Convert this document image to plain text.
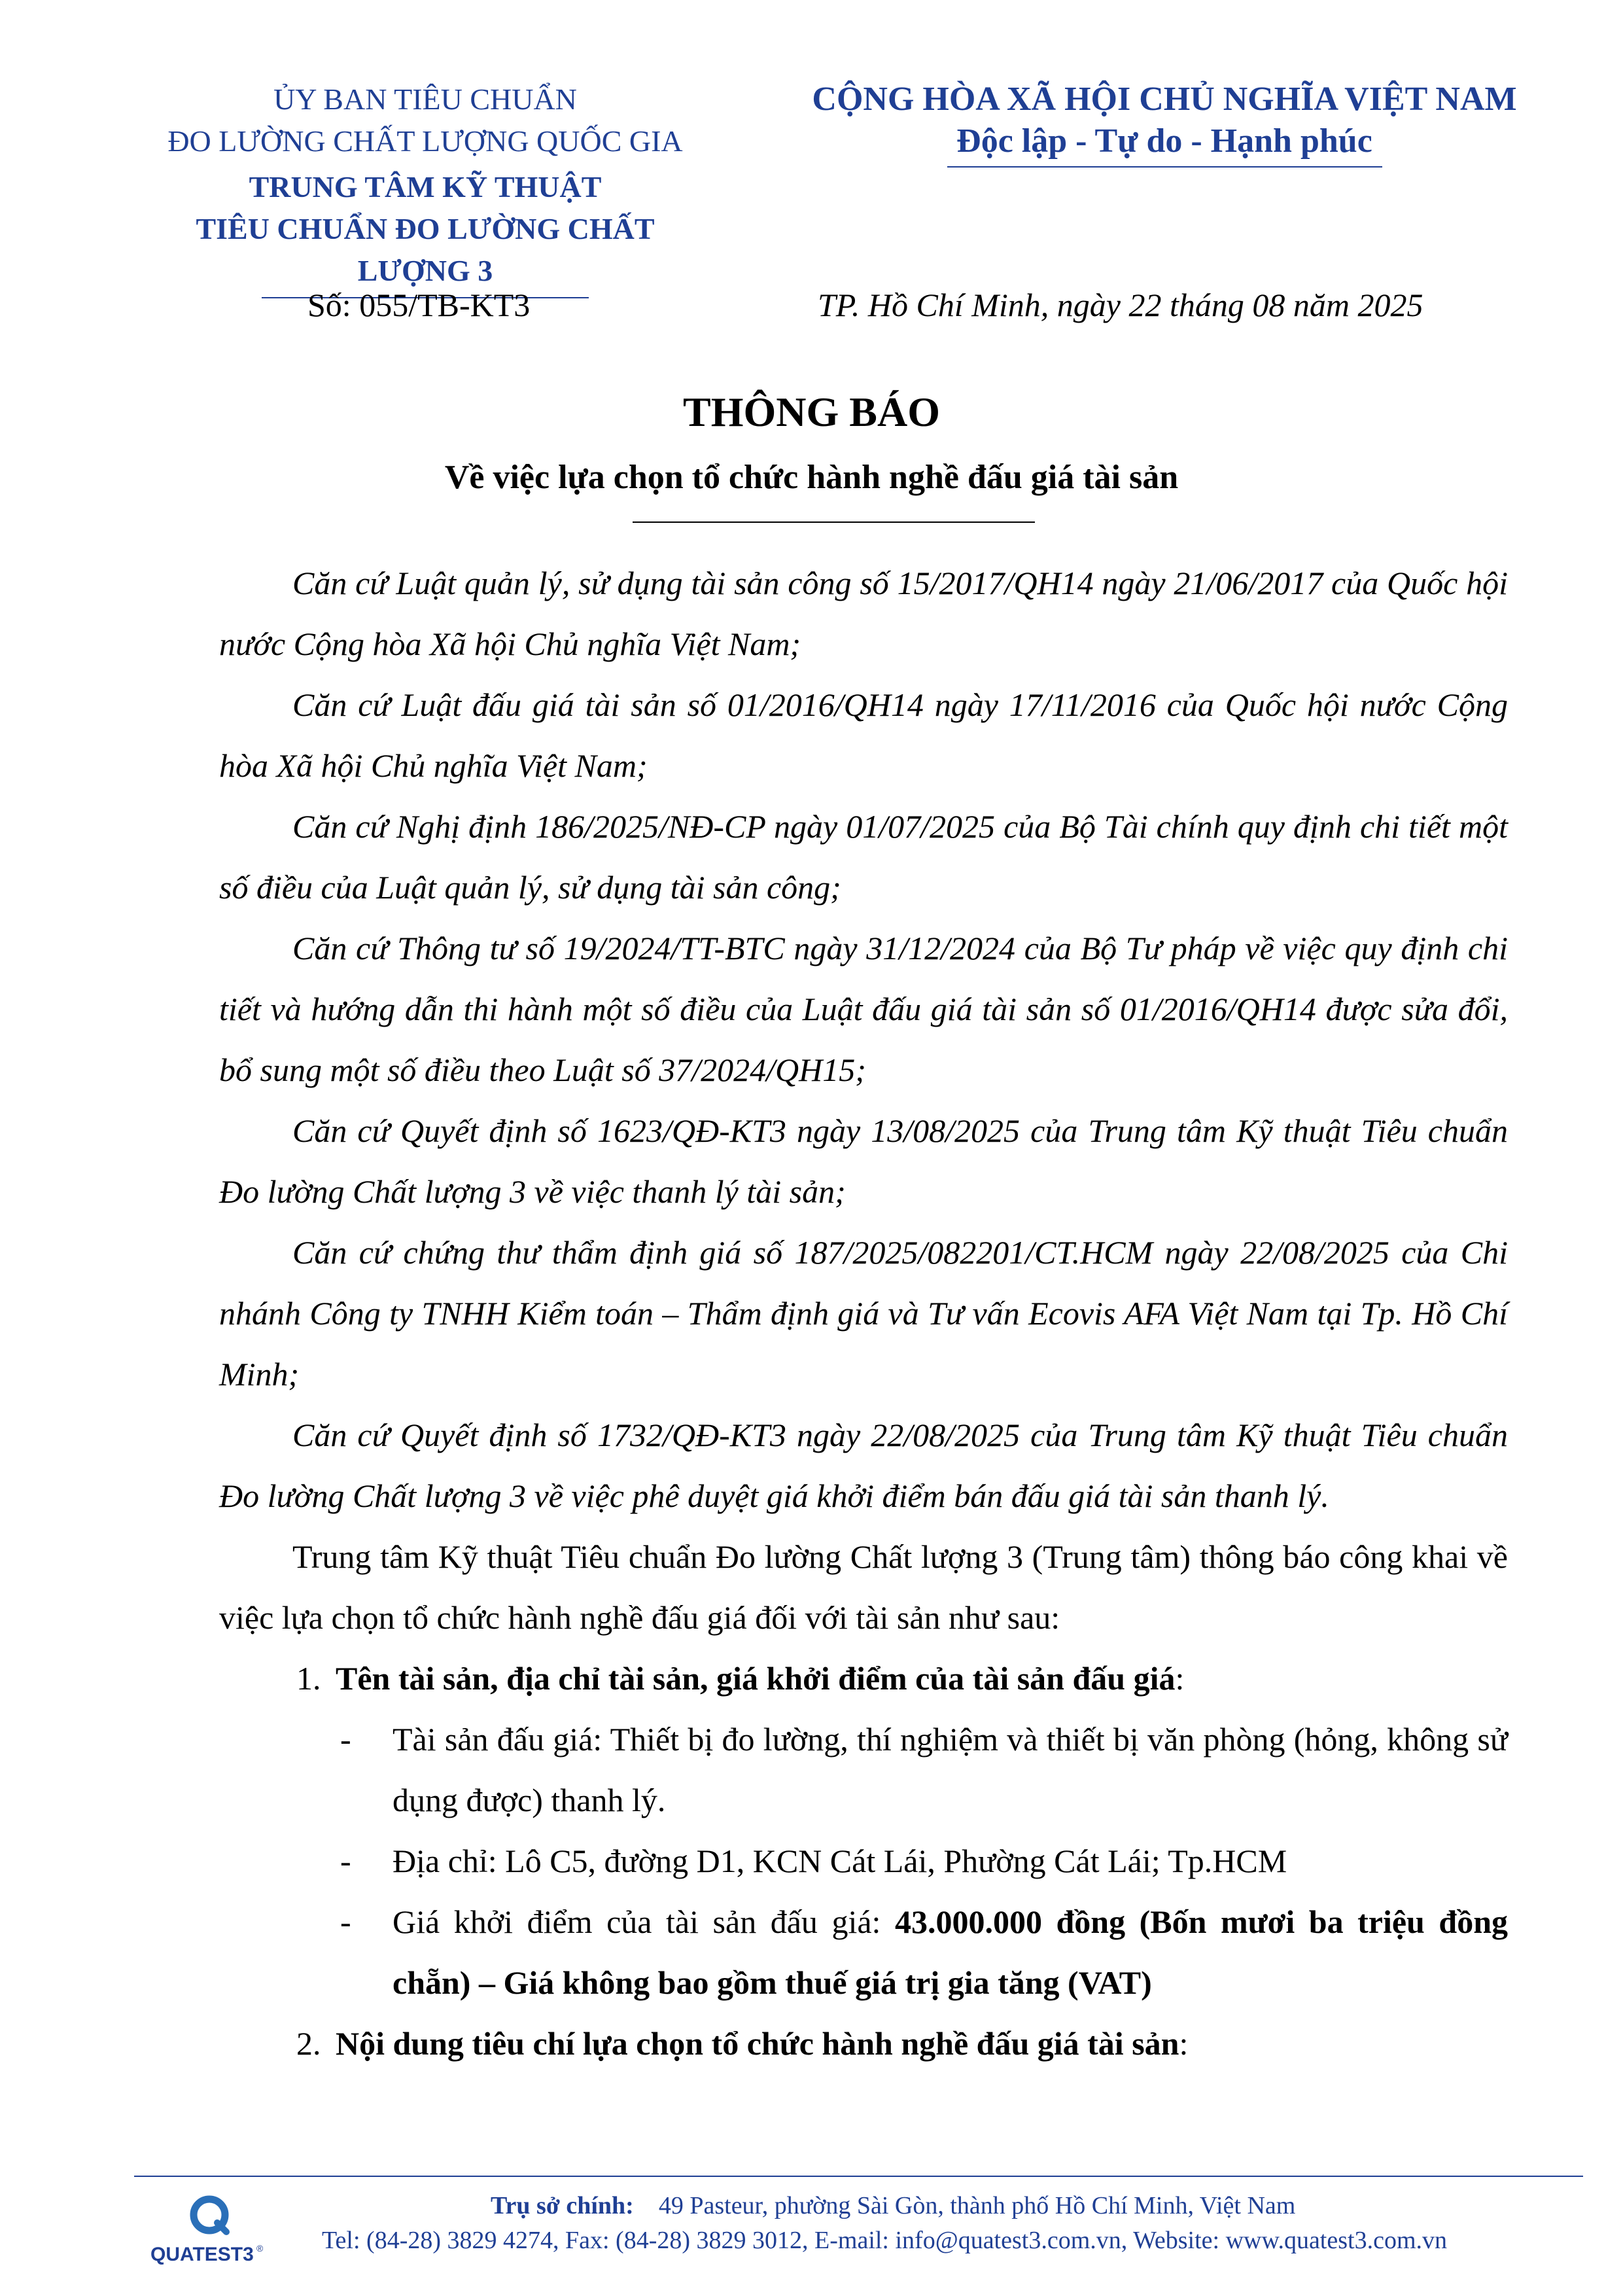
ỦY BAN TIÊU CHUẨN
ĐO LƯỜNG CHẤT LƯỢNG QUỐC GIA
TRUNG TÂM KỸ THUẬT
TIÊU CHUẨN ĐO LƯỜNG CHẤT LƯỢNG 3
CỘNG HÒA XÃ HỘI CHỦ NGHĨA VIỆT NAM
Độc lập - Tự do - Hạnh phúc
Số: 055/TB-KT3	TP. Hồ Chí Minh, ngày 22 tháng 08 năm 2025
THÔNG BÁO
Về việc lựa chọn tổ chức hành nghề đấu giá tài sản

Căn cứ Luật quản lý, sử dụng tài sản công số 15/2017/QH14 ngày 21/06/2017 của Quốc hội nước Cộng hòa Xã hội Chủ nghĩa Việt Nam;

Căn cứ Luật đấu giá tài sản số 01/2016/QH14 ngày 17/11/2016 của Quốc hội nước Cộng hòa Xã hội Chủ nghĩa Việt Nam;

Căn cứ Nghị định 186/2025/NĐ-CP ngày 01/07/2025 của Bộ Tài chính quy định chi tiết một số điều của Luật quản lý, sử dụng tài sản công;

Căn cứ Thông tư số 19/2024/TT-BTC ngày 31/12/2024 của Bộ Tư pháp về việc quy định chi tiết và hướng dẫn thi hành một số điều của Luật đấu giá tài sản số 01/2016/QH14 được sửa đổi, bổ sung một số điều theo Luật số 37/2024/QH15;

Căn cứ Quyết định số 1623/QĐ-KT3 ngày 13/08/2025 của Trung tâm Kỹ thuật Tiêu chuẩn Đo lường Chất lượng 3 về việc thanh lý tài sản;

Căn cứ chứng thư thẩm định giá số 187/2025/082201/CT.HCM ngày 22/08/2025 của Chi nhánh Công ty TNHH Kiểm toán – Thẩm định giá và Tư vấn Ecovis AFA Việt Nam tại Tp. Hồ Chí Minh;

Căn cứ Quyết định số 1732/QĐ-KT3 ngày 22/08/2025 của Trung tâm Kỹ thuật Tiêu chuẩn Đo lường Chất lượng 3 về việc phê duyệt giá khởi điểm bán đấu giá tài sản thanh lý.

Trung tâm Kỹ thuật Tiêu chuẩn Đo lường Chất lượng 3 (Trung tâm) thông báo công khai về việc lựa chọn tổ chức hành nghề đấu giá đối với tài sản như sau:

1. Tên tài sản, địa chỉ tài sản, giá khởi điểm của tài sản đấu giá:

- Tài sản đấu giá: Thiết bị đo lường, thí nghiệm và thiết bị văn phòng (hỏng, không sử dụng được) thanh lý.

- Địa chỉ: Lô C5, đường D1, KCN Cát Lái, Phường Cát Lái; Tp.HCM

- Giá khởi điểm của tài sản đấu giá: 43.000.000 đồng (Bốn mươi ba triệu đồng chẵn) – Giá không bao gồm thuế giá trị gia tăng (VAT)

2. Nội dung tiêu chí lựa chọn tổ chức hành nghề đấu giá tài sản:

QUATEST3 ®
Trụ sở chính: 49 Pasteur, phường Sài Gòn, thành phố Hồ Chí Minh, Việt Nam
Tel: (84-28) 3829 4274, Fax: (84-28) 3829 3012, E-mail: info@quatest3.com.vn, Website: www.quatest3.com.vn
